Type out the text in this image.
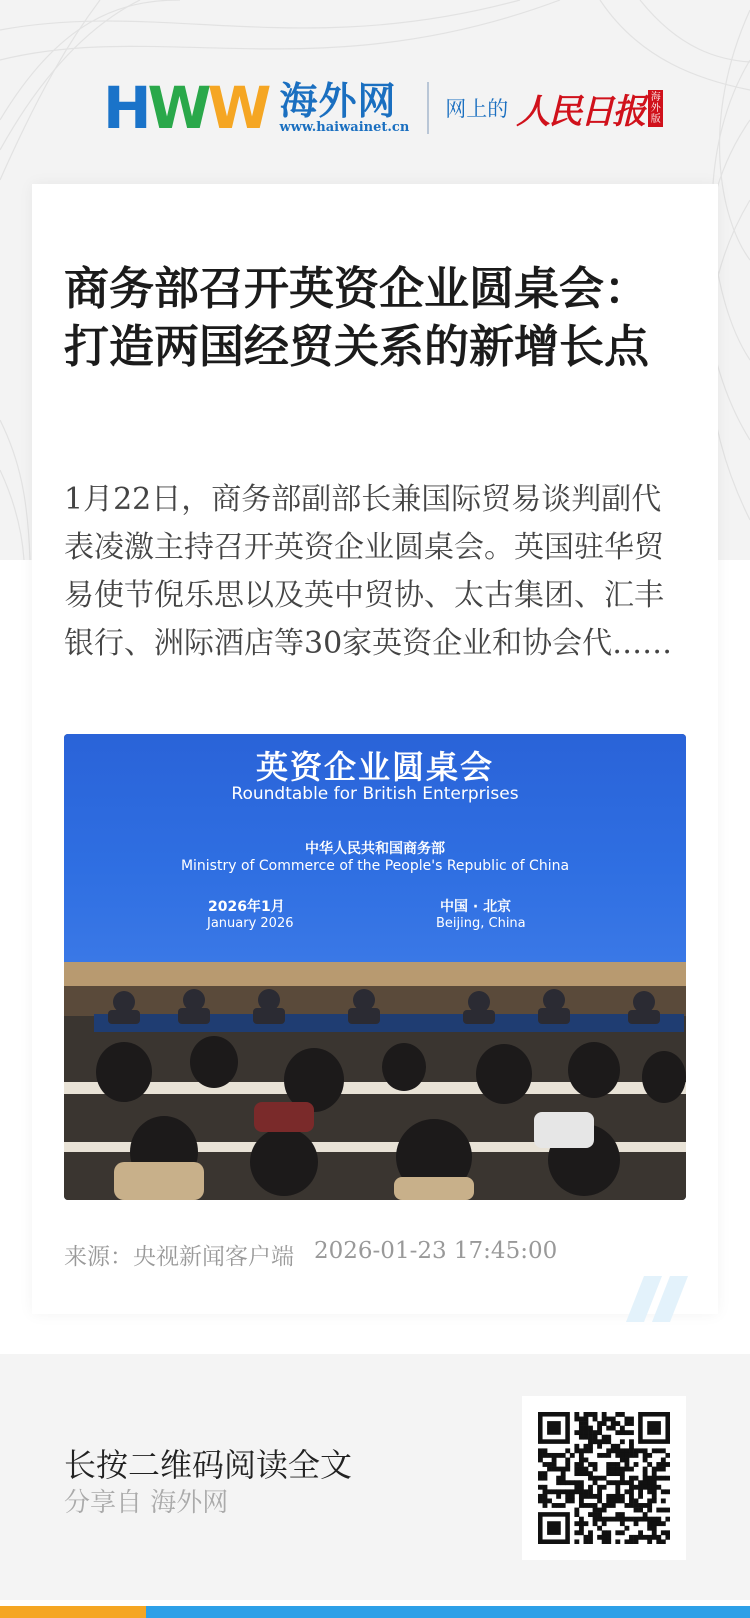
HWW 海外网
www.haiwainet.cn
网上的 人民日报 海外版
商务部召开英资企业圆桌会：打造两国经贸关系的新增长点

1月22日，商务部副部长兼国际贸易谈判副代表凌激主持召开英资企业圆桌会。英国驻华贸易使节倪乐思以及英中贸协、太古集团、汇丰银行、洲际酒店等30家英资企业和协会代……

英资企业圆桌会
Roundtable for British Enterprises
中华人民共和国商务部
Ministry of Commerce of the People's Republic of China
2026年1月
January 2026
中国 · 北京
Beijing, China
来源：央视新闻客户端 2026-01-23 17:45:00
长按二维码阅读全文
分享自 海外网
